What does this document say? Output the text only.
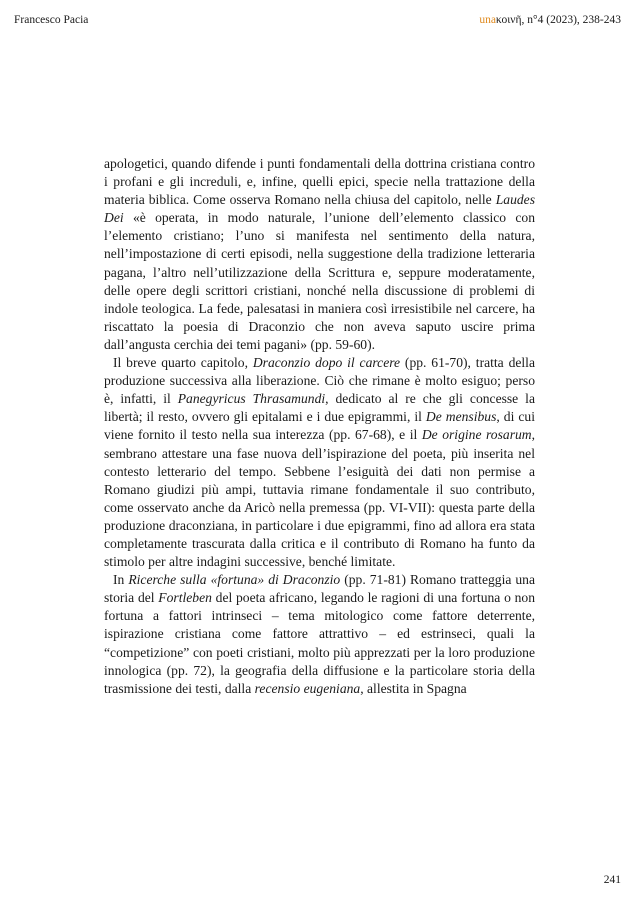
Francesco Pacia	unaκοινῆ, n°4 (2023), 238-243

apologetici, quando difende i punti fondamentali della dottrina cristiana contro i profani e gli increduli, e, infine, quelli epici, specie nella trattazione della materia biblica. Come osserva Romano nella chiusa del capitolo, nelle Laudes Dei «è operata, in modo naturale, l’unione dell’elemento classico con l’elemento cristiano; l’uno si manifesta nel sentimento della natura, nell’impostazione di certi episodi, nella suggestione della tradizione letteraria pagana, l’altro nell’utilizzazione della Scrittura e, seppure moderatamente, delle opere degli scrittori cristiani, nonché nella discussione di problemi di indole teologica. La fede, palesatasi in maniera così irresistibile nel carcere, ha riscattato la poesia di Draconzio che non aveva saputo uscire prima dall’angusta cerchia dei temi pagani» (pp. 59-60).

Il breve quarto capitolo, Draconzio dopo il carcere (pp. 61-70), tratta della produzione successiva alla liberazione. Ciò che rimane è molto esiguo; perso è, infatti, il Panegyricus Thrasamundi, dedicato al re che gli concesse la libertà; il resto, ovvero gli epitalami e i due epigrammi, il De mensibus, di cui viene fornito il testo nella sua interezza (pp. 67-68), e il De origine rosarum, sembrano attestare una fase nuova dell’ispirazione del poeta, più inserita nel contesto letterario del tempo. Sebbene l’esiguità dei dati non permise a Romano giudizi più ampi, tuttavia rimane fondamentale il suo contributo, come osservato anche da Aricò nella premessa (pp. VI-VII): questa parte della produzione draconziana, in particolare i due epigrammi, fino ad allora era stata completamente trascurata dalla critica e il contributo di Romano ha funto da stimolo per altre indagini successive, benché limitate.

In Ricerche sulla «fortuna» di Draconzio (pp. 71-81) Romano tratteggia una storia del Fortleben del poeta africano, legando le ragioni di una fortuna o non fortuna a fattori intrinseci – tema mitologico come fattore deterrente, ispirazione cristiana come fattore attrattivo – ed estrinseci, quali la “competizione” con poeti cristiani, molto più apprezzati per la loro produzione innologica (pp. 72), la geografia della diffusione e la particolare storia della trasmissione dei testi, dalla recensio eugeniana, allestita in Spagna

241
